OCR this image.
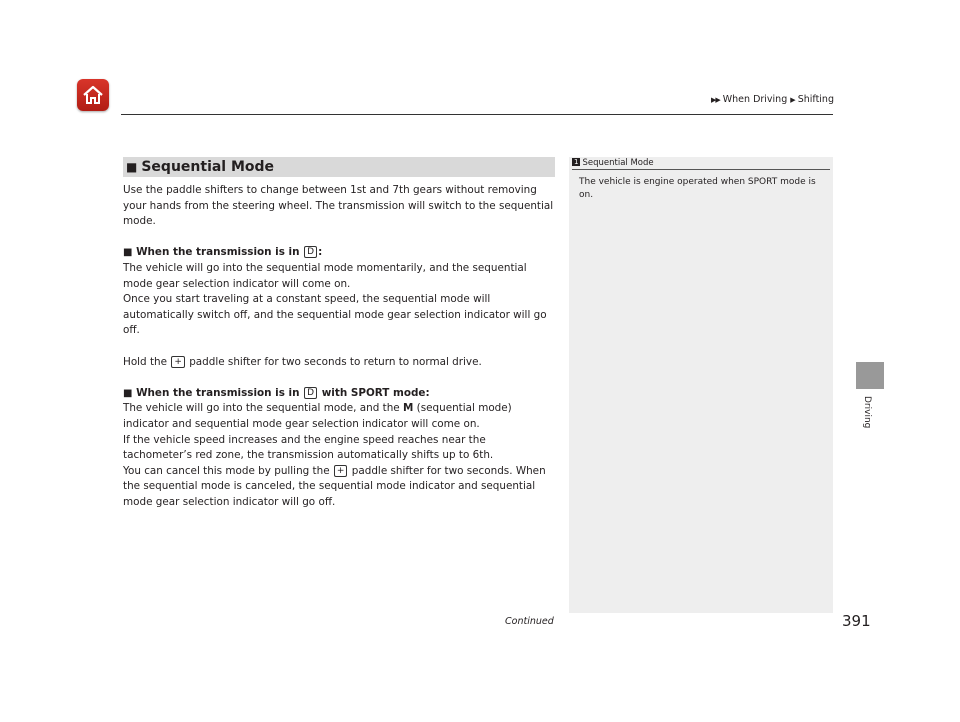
▶▶ When Driving ▶ Shifting
■ Sequential Mode

Use the paddle shifters to change between 1st and 7th gears without removing your hands from the steering wheel. The transmission will switch to the sequential mode.

■ When the transmission is in D :

The vehicle will go into the sequential mode momentarily, and the sequential mode gear selection indicator will come on.

Once you start traveling at a constant speed, the sequential mode will automatically switch off, and the sequential mode gear selection indicator will go off.

Hold the + paddle shifter for two seconds to return to normal drive.

■ When the transmission is in D with SPORT mode:

The vehicle will go into the sequential mode, and the M (sequential mode) indicator and sequential mode gear selection indicator will come on.

If the vehicle speed increases and the engine speed reaches near the tachometer’s red zone, the transmission automatically shifts up to 6th.

You can cancel this mode by pulling the + paddle shifter for two seconds. When the sequential mode is canceled, the sequential mode indicator and sequential mode gear selection indicator will go off.

1 Sequential Mode
The vehicle is engine operated when SPORT mode is on.
Driving
Continued	391
